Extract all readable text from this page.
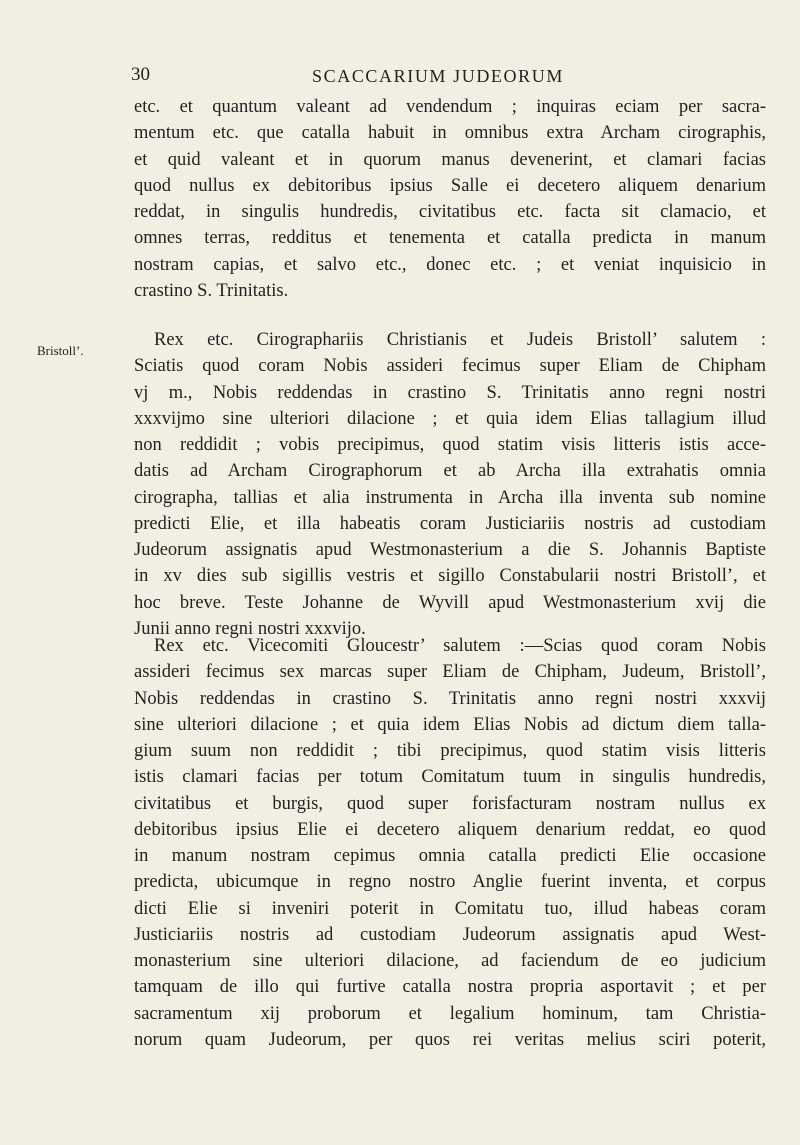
30	SCACCARIUM JUDEORUM
Bristoll’.
etc. et quantum valeant ad vendendum ; inquiras eciam per sacra-
mentum etc. que catalla habuit in omnibus extra Archam cirographis,
et quid valeant et in quorum manus devenerint, et clamari facias
quod nullus ex debitoribus ipsius Salle ei decetero aliquem denarium
reddat, in singulis hundredis, civitatibus etc. facta sit clamacio, et
omnes terras, redditus et tenementa et catalla predicta in manum
nostram capias, et salvo etc., donec etc. ; et veniat inquisicio in
crastino S. Trinitatis.
Rex etc. Cirographariis Christianis et Judeis Bristoll’ salutem :
Sciatis quod coram Nobis assideri fecimus super Eliam de Chipham
vj m., Nobis reddendas in crastino S. Trinitatis anno regni nostri
xxxvijmo sine ulteriori dilacione ; et quia idem Elias tallagium illud
non reddidit ; vobis precipimus, quod statim visis litteris istis acce-
datis ad Archam Cirographorum et ab Archa illa extrahatis omnia
cirographa, tallias et alia instrumenta in Archa illa inventa sub nomine
predicti Elie, et illa habeatis coram Justiciariis nostris ad custodiam
Judeorum assignatis apud Westmonasterium a die S. Johannis Baptiste
in xv dies sub sigillis vestris et sigillo Constabularii nostri Bristoll’, et
hoc breve. Teste Johanne de Wyvill apud Westmonasterium xvij die
Junii anno regni nostri xxxvijo.
Rex etc. Vicecomiti Gloucestr’ salutem :—Scias quod coram Nobis
assideri fecimus sex marcas super Eliam de Chipham, Judeum, Bristoll’,
Nobis reddendas in crastino S. Trinitatis anno regni nostri xxxvij
sine ulteriori dilacione ; et quia idem Elias Nobis ad dictum diem talla-
gium suum non reddidit ; tibi precipimus, quod statim visis litteris
istis clamari facias per totum Comitatum tuum in singulis hundredis,
civitatibus et burgis, quod super forisfacturam nostram nullus ex
debitoribus ipsius Elie ei decetero aliquem denarium reddat, eo quod
in manum nostram cepimus omnia catalla predicti Elie occasione
predicta, ubicumque in regno nostro Anglie fuerint inventa, et corpus
dicti Elie si inveniri poterit in Comitatu tuo, illud habeas coram
Justiciariis nostris ad custodiam Judeorum assignatis apud West-
monasterium sine ulteriori dilacione, ad faciendum de eo judicium
tamquam de illo qui furtive catalla nostra propria asportavit ; et per
sacramentum xij proborum et legalium hominum, tam Christia-
norum quam Judeorum, per quos rei veritas melius sciri poterit,
